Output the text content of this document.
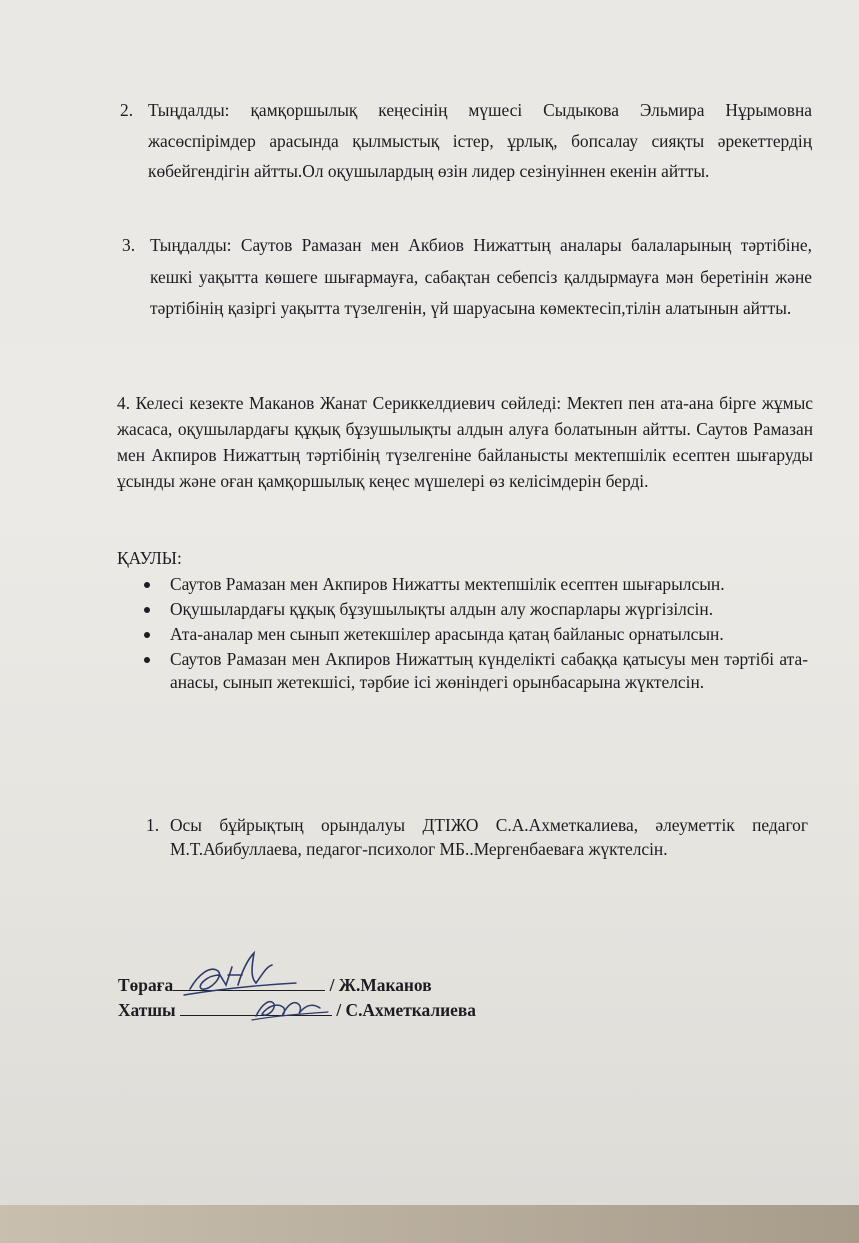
2. Тыңдалды: қамқоршылық кеңесінің мүшесі Сыдыкова Эльмира Нұрымовна жасөспірімдер арасында қылмыстық істер, ұрлық, бопсалау сияқты әрекеттердің көбейгендігін айтты.Ол оқушылардың өзін лидер сезінуіннен екенін айтты.
3. Тыңдалды: Саутов Рамазан мен Акбиов Нижаттың аналары балаларының тәртібіне, кешкі уақытта көшеге шығармауға, сабақтан себепсіз қалдырмауға мән беретінін және тәртібінің қазіргі уақытта түзелгенін, үй шаруасына көмектесіп,тілін алатынын айтты.
4. Келесі кезекте Маканов Жанат Сериккелдиевич сөйледі: Мектеп пен ата-ана бірге жұмыс жасаса, оқушылардағы құқық бұзушылықты алдын алуға болатынын айтты. Саутов Рамазан мен Акпиров Нижаттың тәртібінің түзелгеніне байланысты мектепшілік есептен шығаруды ұсынды және оған қамқоршылық кеңес мүшелері өз келісімдерін берді.
ҚАУЛЫ:
Саутов Рамазан мен Акпиров Нижатты мектепшілік есептен шығарылсын.
Оқушылардағы құқық бұзушылықты алдын алу жоспарлары жүргізілсін.
Ата-аналар мен сынып жетекшілер арасында қатаң байланыс орнатылсын.
Саутов Рамазан мен Акпиров Нижаттың күнделікті сабаққа қатысуы мен тәртібі ата-анасы, сынып жетекшісі, тәрбие ісі жөніндегі орынбасарына жүктелсін.
1. Осы бұйрықтың орындалуы ДТІЖО С.А.Ахметкалиева, әлеуметтік педагог М.Т.Абибуллаева, педагог-психолог МБ..Мергенбаеваға жүктелсін.
Төраға	/ Ж.Маканов
Хатшы	/ С.Ахметкалиева
